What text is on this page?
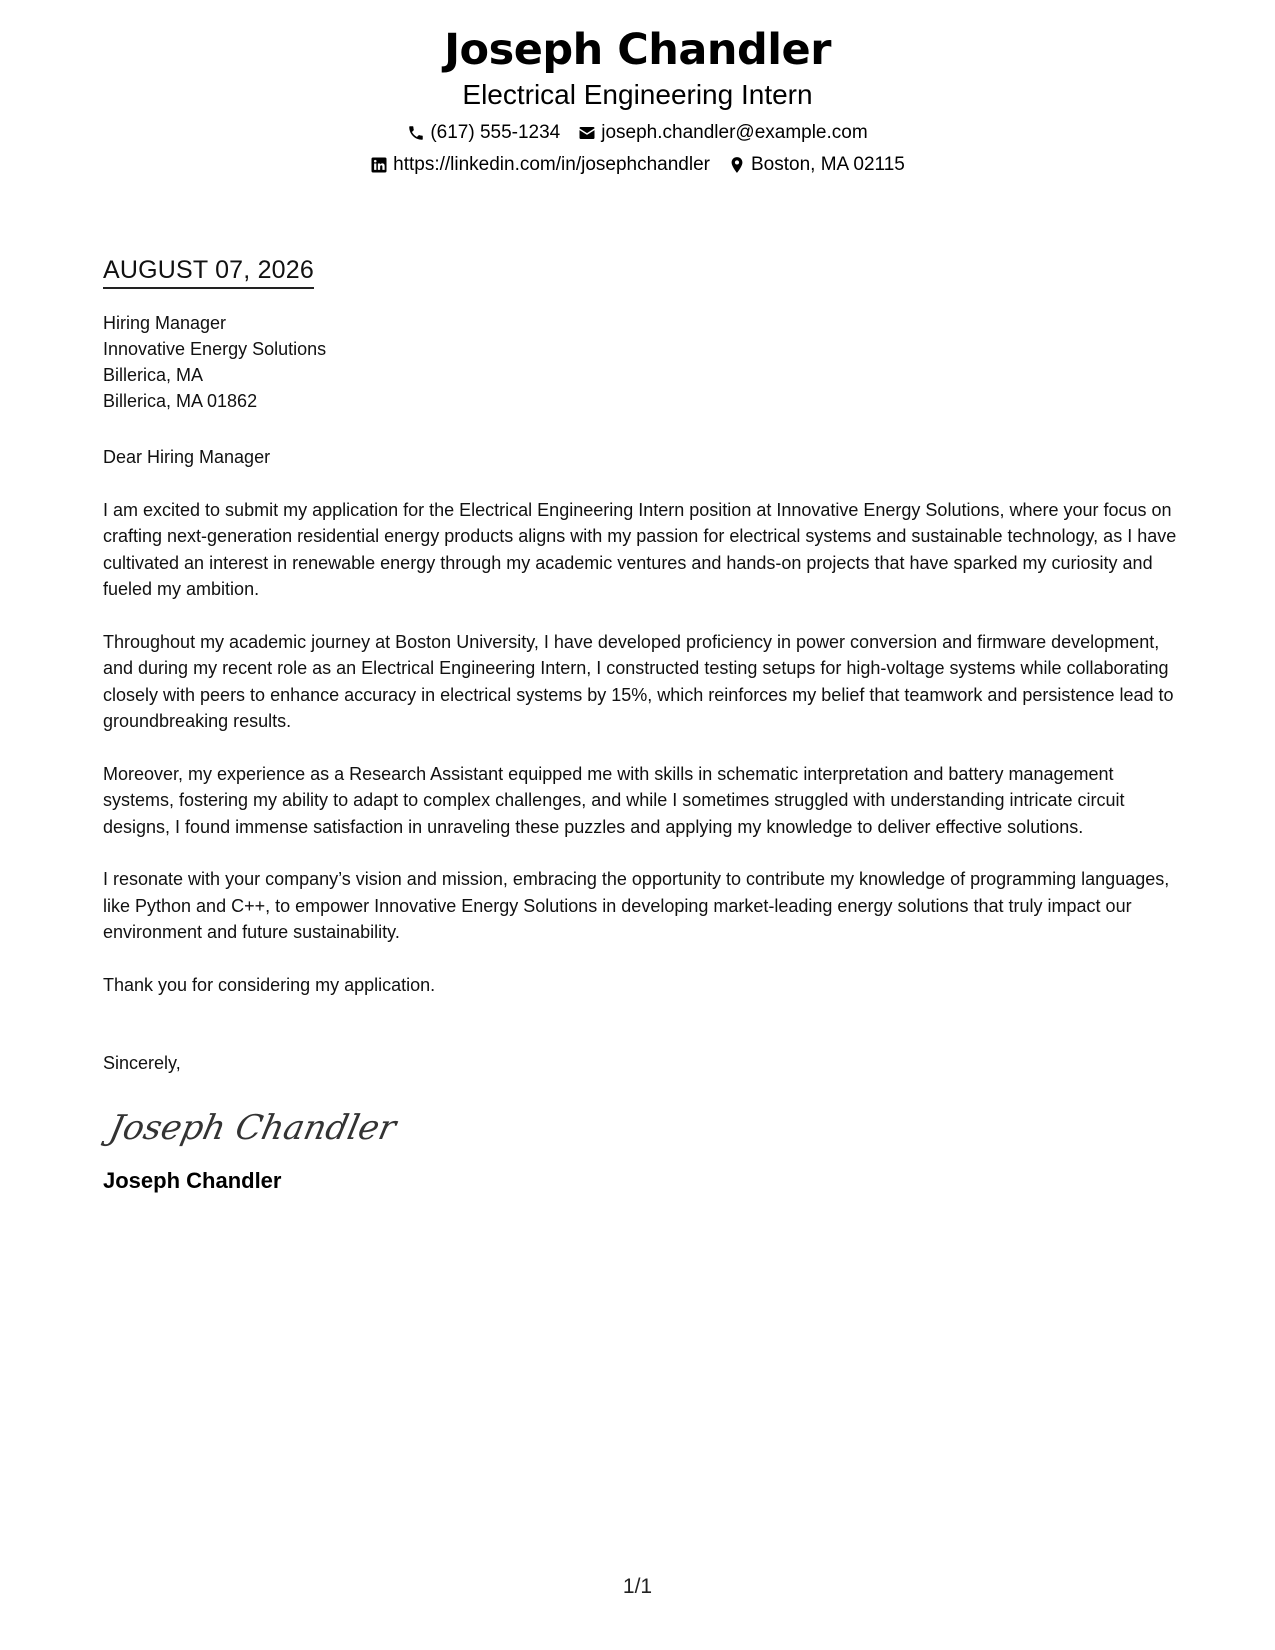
Joseph Chandler
Electrical Engineering Intern
(617) 555-1234 joseph.chandler@example.com
https://linkedin.com/in/josephchandler Boston, MA 02115
AUGUST 07, 2026
Hiring Manager
Innovative Energy Solutions
Billerica, MA
Billerica, MA 01862
Dear Hiring Manager
I am excited to submit my application for the Electrical Engineering Intern position at Innovative Energy Solutions, where your focus on crafting next-generation residential energy products aligns with my passion for electrical systems and sustainable technology, as I have cultivated an interest in renewable energy through my academic ventures and hands-on projects that have sparked my curiosity and fueled my ambition.
Throughout my academic journey at Boston University, I have developed proficiency in power conversion and firmware development, and during my recent role as an Electrical Engineering Intern, I constructed testing setups for high-voltage systems while collaborating closely with peers to enhance accuracy in electrical systems by 15%, which reinforces my belief that teamwork and persistence lead to groundbreaking results.
Moreover, my experience as a Research Assistant equipped me with skills in schematic interpretation and battery management systems, fostering my ability to adapt to complex challenges, and while I sometimes struggled with understanding intricate circuit designs, I found immense satisfaction in unraveling these puzzles and applying my knowledge to deliver effective solutions.
I resonate with your company’s vision and mission, embracing the opportunity to contribute my knowledge of programming languages, like Python and C++, to empower Innovative Energy Solutions in developing market-leading energy solutions that truly impact our environment and future sustainability.
Thank you for considering my application.
Sincerely,
Joseph Chandler
Joseph Chandler
1/1
